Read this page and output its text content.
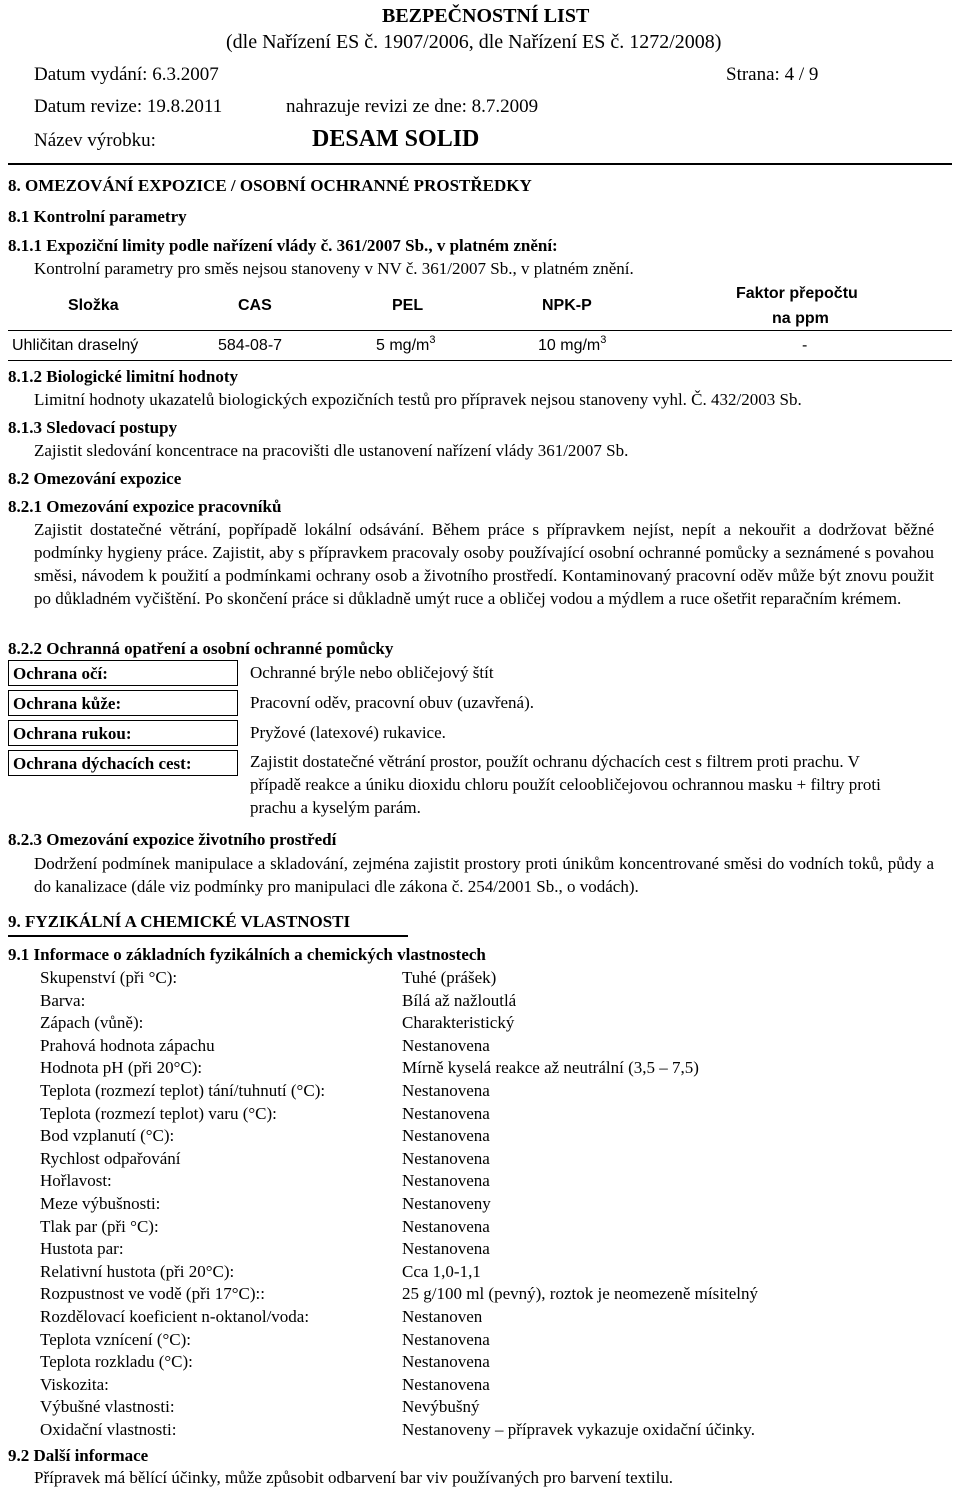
BEZPEČNOSTNÍ LIST
(dle Nařízení ES č. 1907/2006, dle Nařízení ES č. 1272/2008)
Datum vydání: 6.3.2007	Strana: 4 / 9
Datum revize: 19.8.2011	nahrazuje revizi ze dne: 8.7.2009
Název výrobku:	DESAM SOLID
8. OMEZOVÁNÍ EXPOZICE / OSOBNÍ OCHRANNÉ PROSTŘEDKY
8.1 Kontrolní parametry
8.1.1 Expoziční limity podle nařízení vlády č. 361/2007 Sb., v platném znění:
Kontrolní parametry pro směs nejsou stanoveny v NV č. 361/2007 Sb., v platném znění.
Složka	CAS	PEL	NPK-P
Faktor přepočtu
na ppm
Uhličitan draselný	584-08-7	5 $mg/m^3$	10 $mg/m^3$	-
8.1.2 Biologické limitní hodnoty
Limitní hodnoty ukazatelů biologických expozičních testů pro přípravek nejsou stanoveny vyhl. Č. 432/2003 Sb.
8.1.3 Sledovací postupy
Zajistit sledování koncentrace na pracovišti dle ustanovení nařízení vlády 361/2007 Sb.
8.2 Omezování expozice
8.2.1 Omezování expozice pracovníků
Zajistit dostatečné větrání, popřípadě lokální odsávání. Během práce s přípravkem nejíst, nepít a nekouřit a dodržovat běžné podmínky hygieny práce. Zajistit, aby s přípravkem pracovaly osoby používající osobní ochranné pomůcky a seznámené s povahou směsi, návodem k použití a podmínkami ochrany osob a životního prostředí. Kontaminovaný pracovní oděv může být znovu použit po důkladném vyčištění. Po skončení práce si důkladně umýt ruce a obličej vodou a mýdlem a ruce ošetřit reparačním krémem.
8.2.2 Ochranná opatření a osobní ochranné pomůcky
Ochrana očí:	Ochranné brýle nebo obličejový štít
Ochrana kůže:	Pracovní oděv, pracovní obuv (uzavřená).
Ochrana rukou:	Pryžové (latexové) rukavice.
Ochrana dýchacích cest:	Zajistit dostatečné větrání prostor, použít ochranu dýchacích cest s filtrem proti prachu. V případě reakce a úniku dioxidu chloru použít celoobličejovou ochrannou masku + filtry proti prachu a kyselým parám.
8.2.3 Omezování expozice životního prostředí
Dodržení podmínek manipulace a skladování, zejména zajistit prostory proti únikům koncentrované směsi do vodních toků, půdy a do kanalizace (dále viz podmínky pro manipulaci dle zákona č. 254/2001 Sb., o vodách).
9. FYZIKÁLNÍ A CHEMICKÉ VLASTNOSTI
9.1 Informace o základních fyzikálních a chemických vlastnostech
Skupenství (při °C):	Tuhé (prášek)
Barva:	Bílá až nažloutlá
Zápach (vůně):	Charakteristický
Prahová hodnota zápachu	Nestanovena
Hodnota pH (při 20°C):	Mírně kyselá reakce až neutrální (3,5 – 7,5)
Teplota (rozmezí teplot) tání/tuhnutí (°C):	Nestanovena
Teplota (rozmezí teplot) varu (°C):	Nestanovena
Bod vzplanutí (°C):	Nestanovena
Rychlost odpařování	Nestanovena
Hořlavost:	Nestanovena
Meze výbušnosti:	Nestanoveny
Tlak par (při °C):	Nestanovena
Hustota par:	Nestanovena
Relativní hustota (při 20°C):	Cca 1,0-1,1
Rozpustnost ve vodě (při 17°C)::	25 g/100 ml (pevný), roztok je neomezeně mísitelný
Rozdělovací koeficient n-oktanol/voda:	Nestanoven
Teplota vznícení (°C):	Nestanovena
Teplota rozkladu (°C):	Nestanovena
Viskozita:	Nestanovena
Výbušné vlastnosti:	Nevýbušný
Oxidační vlastnosti:	Nestanoveny – přípravek vykazuje oxidační účinky.
9.2 Další informace
Přípravek má bělící účinky, může způsobit odbarvení bar viv používaných pro barvení textilu.
